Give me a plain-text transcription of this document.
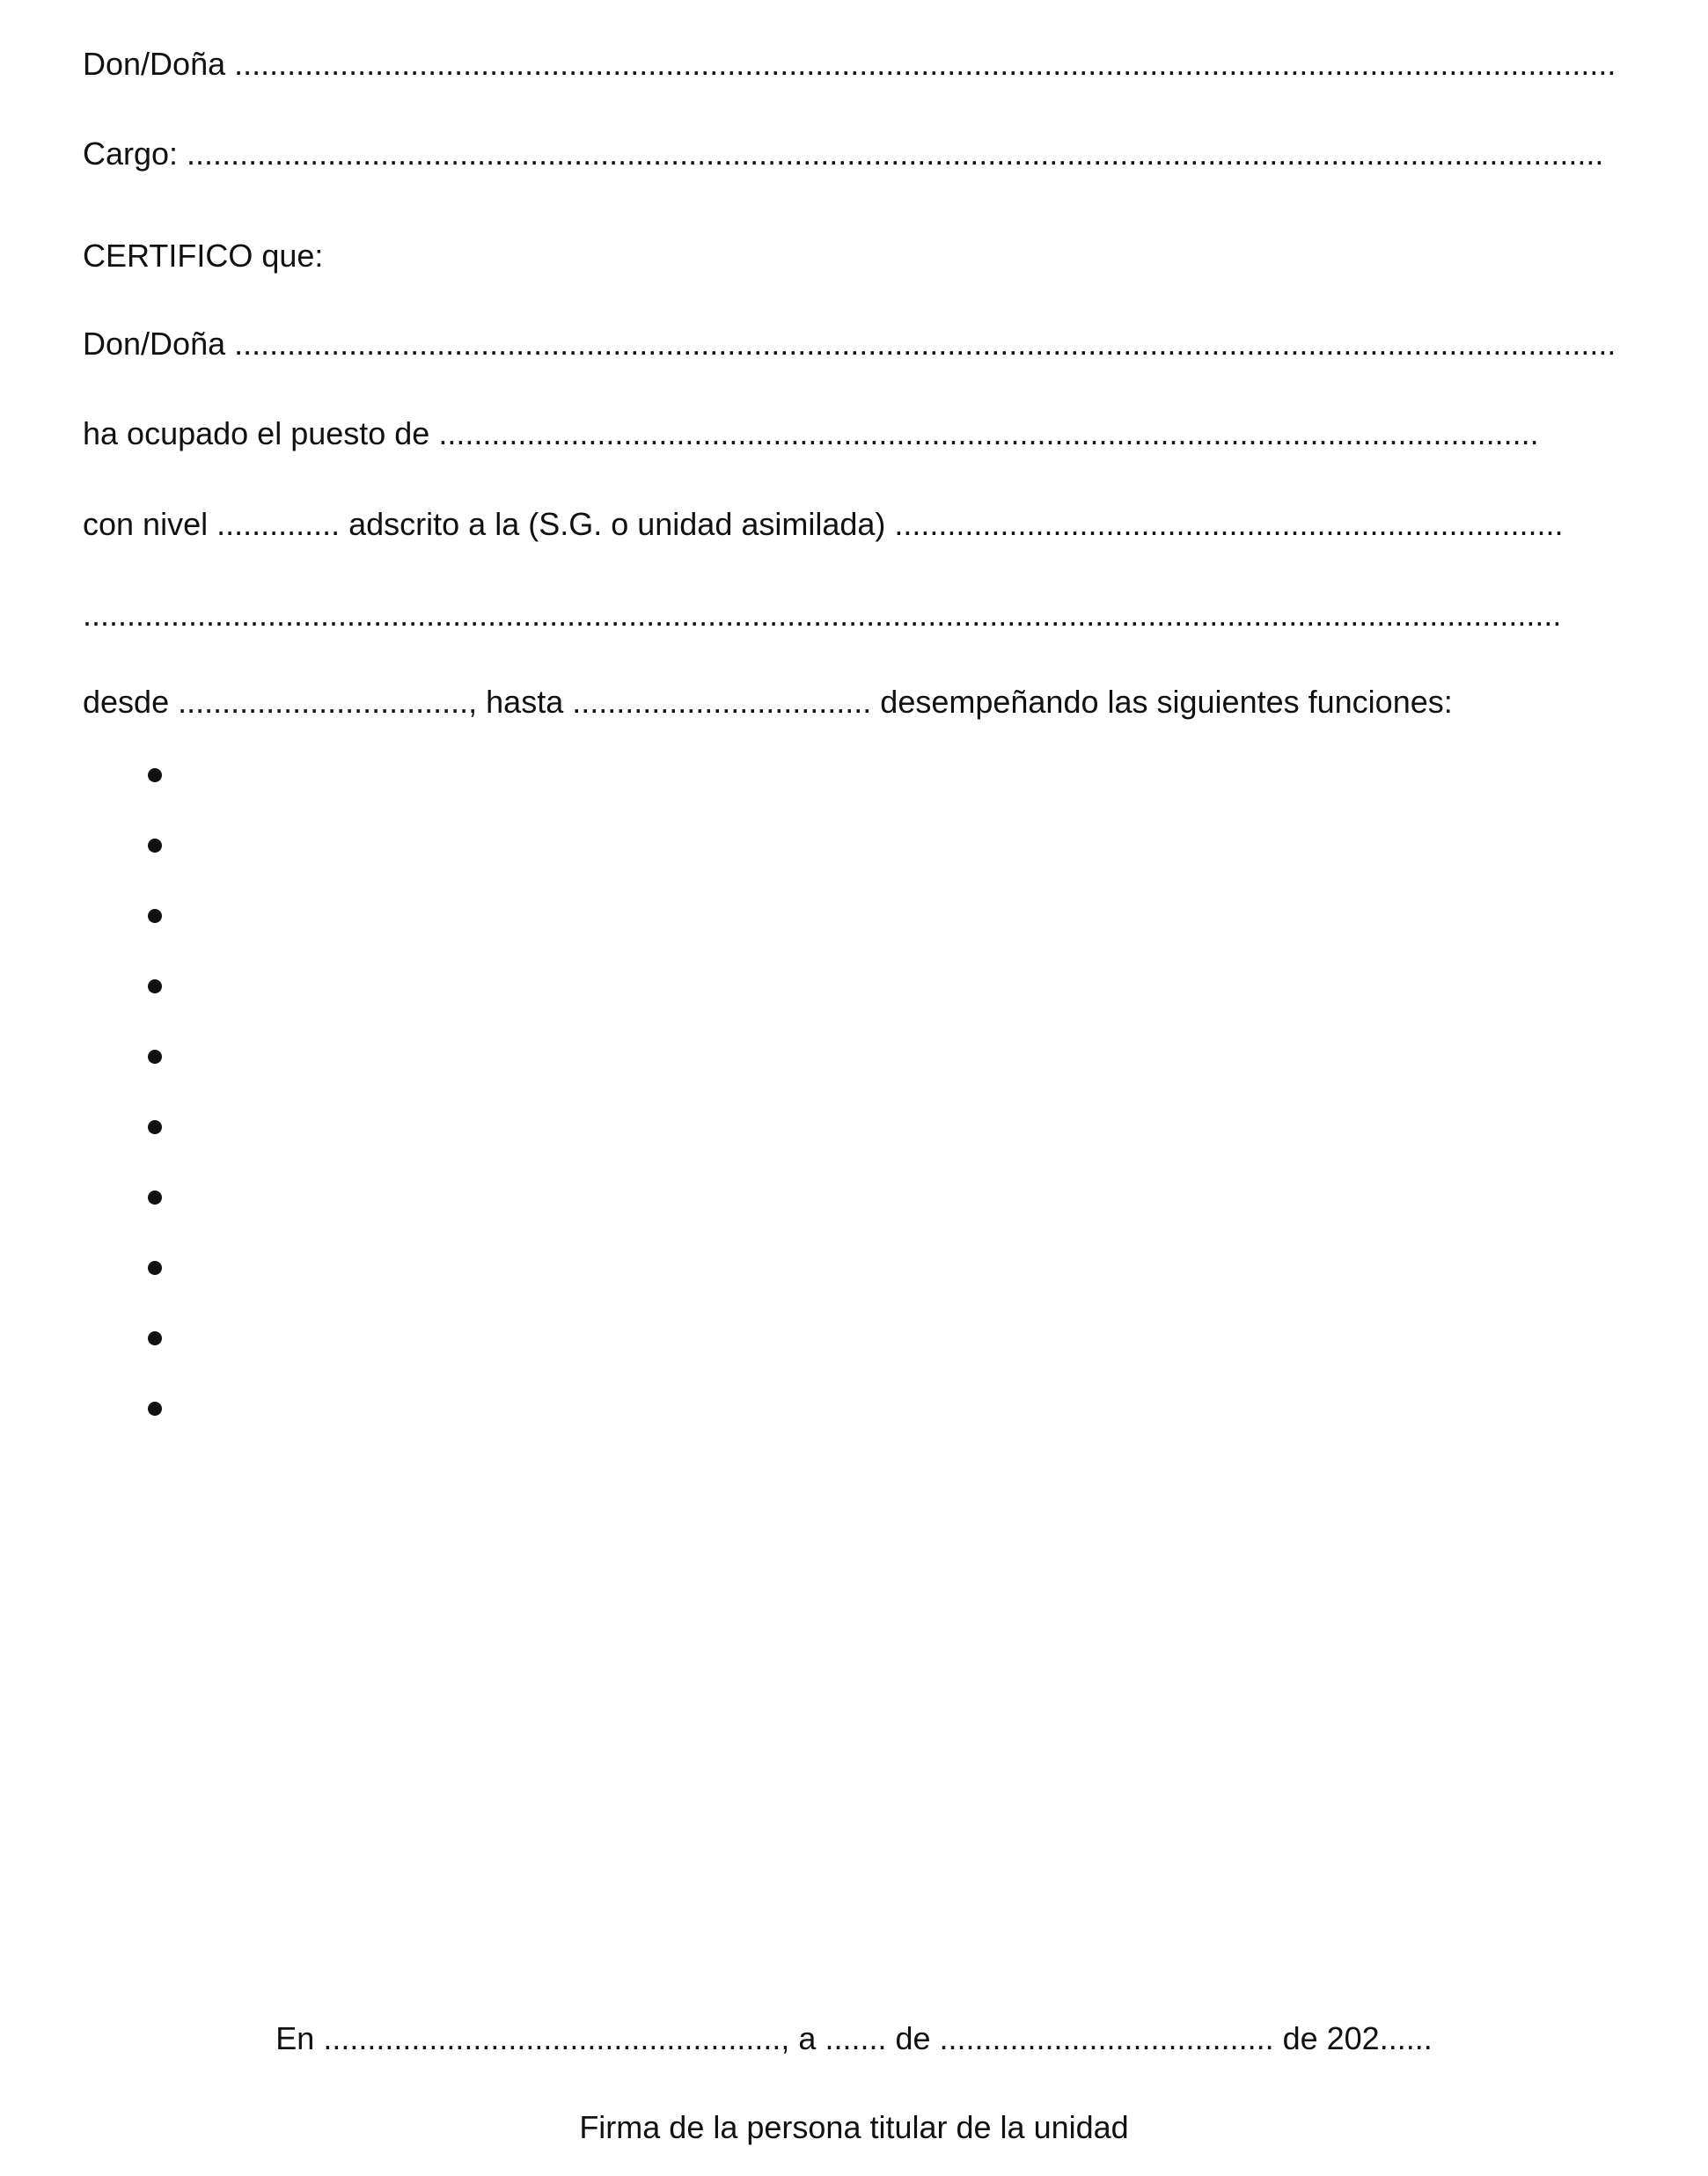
Don/Doña .............................................................................................................................................................
Cargo: .................................................................................................................................................................
CERTIFICO que:
Don/Doña .............................................................................................................................................................
ha ocupado el puesto de .............................................................................................................................
con nivel .............. adscrito a la (S.G. o unidad asimilada) ............................................................................
........................................................................................................................................................................
desde ................................., hasta .................................. desempeñando las siguientes funciones:
En ...................................................., a ....... de ...................................... de 202......
Firma de la persona titular de la unidad
